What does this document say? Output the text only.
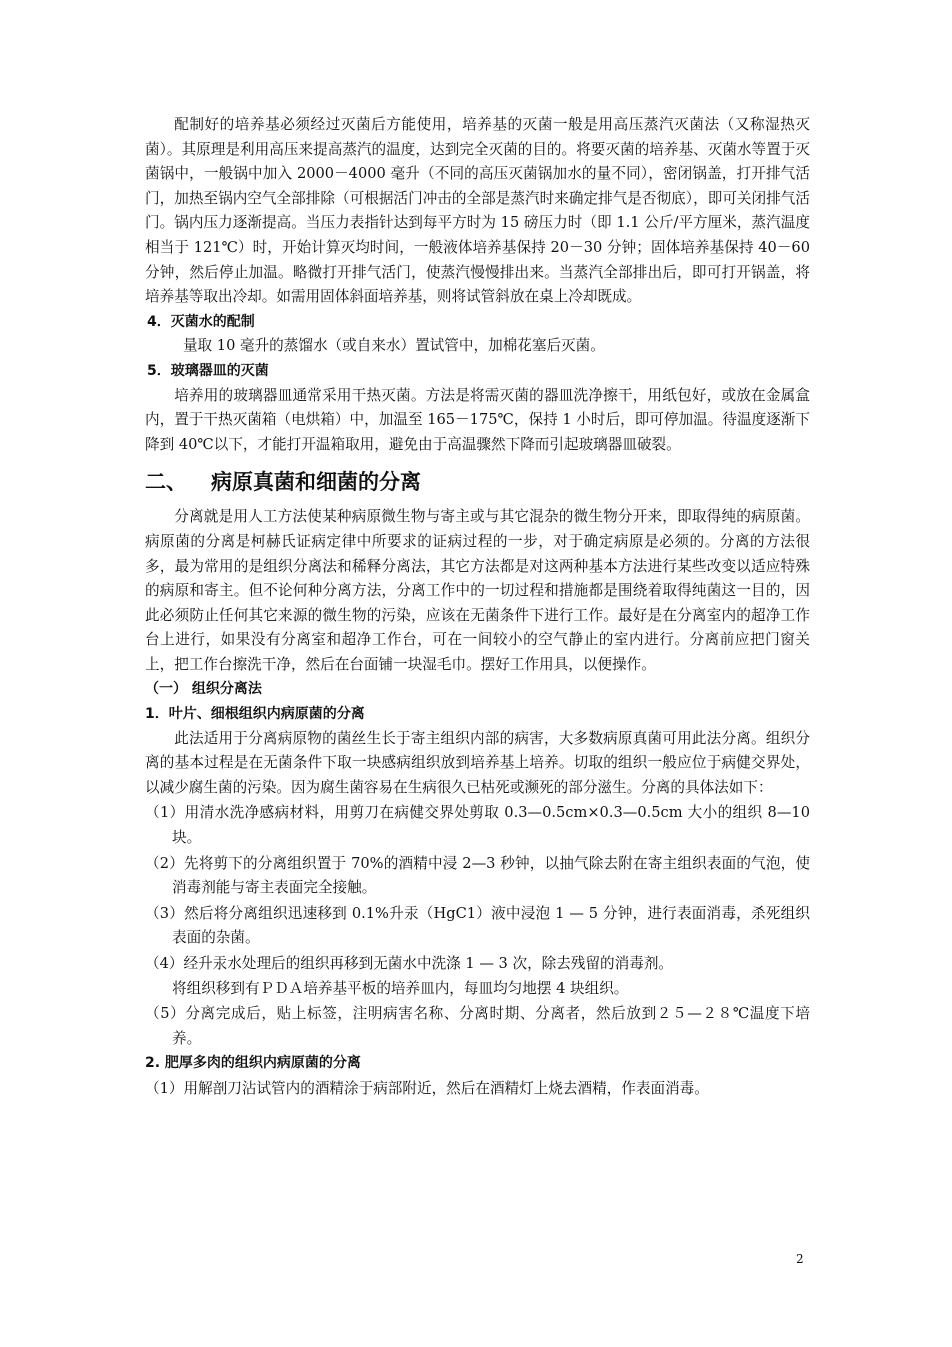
配制好的培养基必须经过灭菌后方能使用，培养基的灭菌一般是用高压蒸汽灭菌法（又称湿热灭菌）。其原理是利用高压来提高蒸汽的温度，达到完全灭菌的目的。将要灭菌的培养基、灭菌水等置于灭菌锅中，一般锅中加入 2000－4000 毫升（不同的高压灭菌锅加水的量不同），密闭锅盖，打开排气活门，加热至锅内空气全部排除（可根据活门冲击的全部是蒸汽时来确定排气是否彻底），即可关闭排气活门。锅内压力逐渐提高。当压力表指针达到每平方时为 15 磅压力时（即 1.1 公斤/平方厘米，蒸汽温度相当于 121℃）时，开始计算灭均时间，一般液体培养基保持 20－30 分钟；固体培养基保持 40－60 分钟，然后停止加温。略微打开排气活门，使蒸汽慢慢排出来。当蒸汽全部排出后，即可打开锅盖，将培养基等取出冷却。如需用固体斜面培养基，则将试管斜放在桌上冷却既成。

4．灭菌水的配制

量取 10 毫升的蒸馏水（或自来水）置试管中，加棉花塞后灭菌。

5．玻璃器皿的灭菌

培养用的玻璃器皿通常采用干热灭菌。方法是将需灭菌的器皿洗净擦干，用纸包好，或放在金属盒内，置于干热灭菌箱（电烘箱）中，加温至 165－175℃，保持 1 小时后，即可停加温。待温度逐渐下降到 40℃以下，才能打开温箱取用，避免由于高温骤然下降而引起玻璃器皿破裂。

二、	病原真菌和细菌的分离

分离就是用人工方法使某种病原微生物与寄主或与其它混杂的微生物分开来，即取得纯的病原菌。病原菌的分离是柯赫氏证病定律中所要求的证病过程的一步，对于确定病原是必须的。分离的方法很多，最为常用的是组织分离法和稀释分离法，其它方法都是对这两种基本方法进行某些改变以适应特殊的病原和寄主。但不论何种分离方法，分离工作中的一切过程和措施都是围绕着取得纯菌这一目的，因此必须防止任何其它来源的微生物的污染，应该在无菌条件下进行工作。最好是在分离室内的超净工作台上进行，如果没有分离室和超净工作台，可在一间较小的空气静止的室内进行。分离前应把门窗关上，把工作台擦洗干净，然后在台面铺一块湿毛巾。摆好工作用具，以便操作。

（一） 组织分离法

1．叶片、细根组织内病原菌的分离

此法适用于分离病原物的菌丝生长于寄主组织内部的病害，大多数病原真菌可用此法分离。组织分离的基本过程是在无菌条件下取一块感病组织放到培养基上培养。切取的组织一般应位于病健交界处，以减少腐生菌的污染。因为腐生菌容易在生病很久已枯死或濒死的部分滋生。分离的具体法如下：

（1）用清水洗净感病材料，用剪刀在病健交界处剪取 0.3—0.5cm×0.3—0.5cm 大小的组织 8—10 块。

（2）先将剪下的分离组织置于 70%的酒精中浸 2—3 秒钟，以抽气除去附在寄主组织表面的气泡，使消毒剂能与寄主表面完全接触。

（3）然后将分离组织迅速移到 0.1%升汞（HgC1）液中浸泡 1 — 5 分钟，进行表面消毒，杀死组织表面的杂菌。

（4）经升汞水处理后的组织再移到无菌水中洗涤 1 — 3 次，除去残留的消毒剂。

将组织移到有ＰＤＡ培养基平板的培养皿内，每皿均匀地摆 4 块组织。

（5）分离完成后，贴上标签，注明病害名称、分离时期、分离者，然后放到２５—２８℃温度下培养。

2. 肥厚多肉的组织内病原菌的分离

（1）用解剖刀沾试管内的酒精涂于病部附近，然后在酒精灯上烧去酒精，作表面消毒。

2
